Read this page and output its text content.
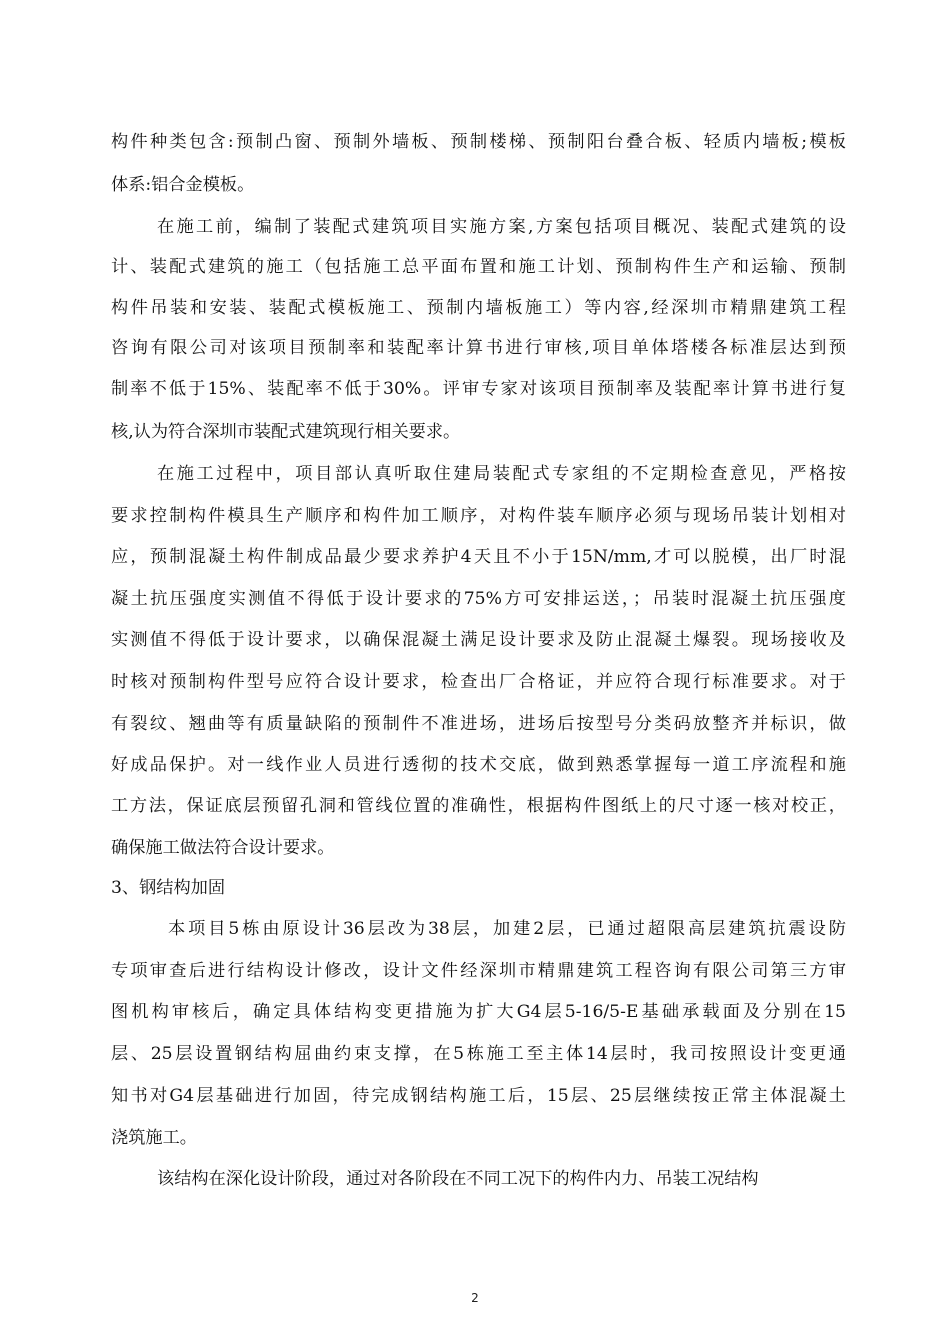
构件种类包含:预制凸窗、预制外墙板、预制楼梯、预制阳台叠合板、轻质内墙板;模板
体系:铝合金模板。
在施工前，编制了装配式建筑项目实施方案,方案包括项目概况、装配式建筑的设
计、装配式建筑的施工（包括施工总平面布置和施工计划、预制构件生产和运输、预制
构件吊装和安装、装配式模板施工、预制内墙板施工）等内容,经深圳市精鼎建筑工程
咨询有限公司对该项目预制率和装配率计算书进行审核,项目单体塔楼各标准层达到预
制率不低于15%、装配率不低于30%。评审专家对该项目预制率及装配率计算书进行复
核,认为符合深圳市装配式建筑现行相关要求。
在施工过程中，项目部认真听取住建局装配式专家组的不定期检查意见，严格按
要求控制构件模具生产顺序和构件加工顺序，对构件装车顺序必须与现场吊装计划相对
应，预制混凝土构件制成品最少要求养护4天且不小于15N/mm,才可以脱模，出厂时混
凝土抗压强度实测值不得低于设计要求的75%方可安排运送，；吊装时混凝土抗压强度
实测值不得低于设计要求，以确保混凝土满足设计要求及防止混凝土爆裂。现场接收及
时核对预制构件型号应符合设计要求，检查出厂合格证，并应符合现行标准要求。对于
有裂纹、翘曲等有质量缺陷的预制件不准进场，进场后按型号分类码放整齐并标识，做
好成品保护。对一线作业人员进行透彻的技术交底，做到熟悉掌握每一道工序流程和施
工方法，保证底层预留孔洞和管线位置的准确性，根据构件图纸上的尺寸逐一核对校正，
确保施工做法符合设计要求。
3、钢结构加固
本项目5栋由原设计36层改为38层，加建2层，已通过超限高层建筑抗震设防
专项审查后进行结构设计修改，设计文件经深圳市精鼎建筑工程咨询有限公司第三方审
图机构审核后，确定具体结构变更措施为扩大G4层5-16/5-E基础承载面及分别在15
层、25层设置钢结构屈曲约束支撑，在5栋施工至主体14层时，我司按照设计变更通
知书对G4层基础进行加固，待完成钢结构施工后，15层、25层继续按正常主体混凝土
浇筑施工。
该结构在深化设计阶段，通过对各阶段在不同工况下的构件内力、吊装工况结构
2
